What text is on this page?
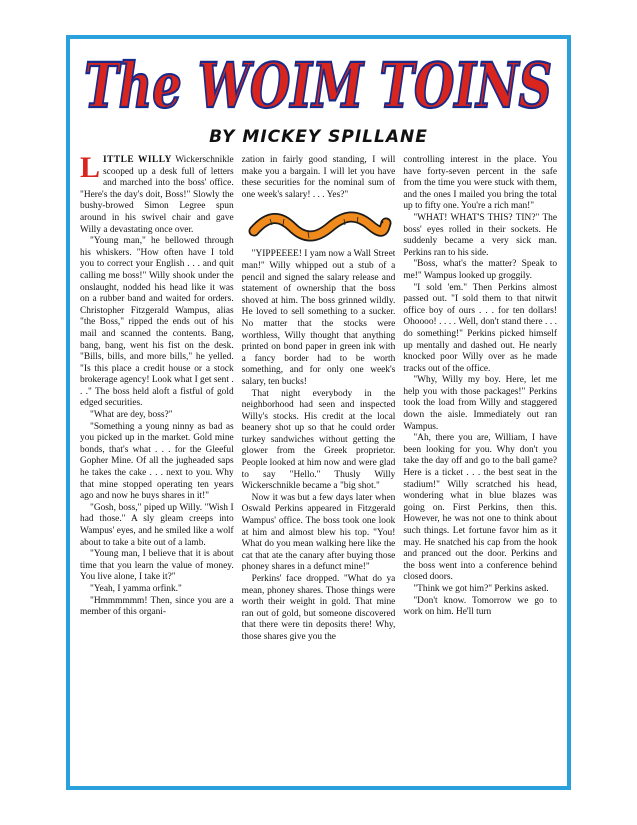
The WOIM TOINS
BY MICKEY SPILLANE

LITTLE WILLY Wickerschnikle scooped up a desk full of letters and marched into the boss' office. "Here's the day's doit, Boss!" Slowly the bushy-browed Simon Legree spun around in his swivel chair and gave Willy a devastating once over.

"Young man," he bellowed through his whiskers. "How often have I told you to correct your English . . . and quit calling me boss!" Willy shook under the onslaught, nodded his head like it was on a rubber band and waited for orders. Christopher Fitzgerald Wampus, alias "the Boss," ripped the ends out of his mail and scanned the contents. Bang, bang, bang, went his fist on the desk. "Bills, bills, and more bills," he yelled. "Is this place a credit house or a stock brokerage agency! Look what I get sent . . ." The boss held aloft a fistful of gold edged securities.

"What are dey, boss?"

"Something a young ninny as bad as you picked up in the market. Gold mine bonds, that's what . . . for the Gleeful Gopher Mine. Of all the jugheaded saps he takes the cake . . . next to you. Why that mine stopped operating ten years ago and now he buys shares in it!"

"Gosh, boss," piped up Willy. "Wish I had those." A sly gleam creeps into Wampus' eyes, and he smiled like a wolf about to take a bite out of a lamb.

"Young man, I believe that it is about time that you learn the value of money. You live alone, I take it?"

"Yeah, I yamma orfink."

"Hmmmmmm! Then, since you are a member of this organi-

zation in fairly good standing, I will make you a bargain. I will let you have these securities for the nominal sum of one week's salary! . . . Yes?"

"YIPPEEEE! I yam now a Wall Street man!" Willy whipped out a stub of a pencil and signed the salary release and statement of ownership that the boss shoved at him. The boss grinned wildly. He loved to sell something to a sucker. No matter that the stocks were worthless, Willy thought that anything printed on bond paper in green ink with a fancy border had to be worth something, and for only one week's salary, ten bucks!

That night everybody in the neighborhood had seen and inspected Willy's stocks. His credit at the local beanery shot up so that he could order turkey sandwiches without getting the glower from the Greek proprietor. People looked at him now and were glad to say "Hello." Thusly Willy Wickerschnikle became a "big shot."

Now it was but a few days later when Oswald Perkins appeared in Fitzgerald Wampus' office. The boss took one look at him and almost blew his top. "You! What do you mean walking here like the cat that ate the canary after buying those phoney shares in a defunct mine!"

Perkins' face dropped. "What do ya mean, phoney shares. Those things were worth their weight in gold. That mine ran out of gold, but someone discovered that there were tin deposits there! Why, those shares give you the

controlling interest in the place. You have forty-seven percent in the safe from the time you were stuck with them, and the ones I mailed you bring the total up to fifty one. You're a rich man!"

"WHAT! WHAT'S THIS? TIN?" The boss' eyes rolled in their sockets. He suddenly became a very sick man. Perkins ran to his side.

"Boss, what's the matter? Speak to me!" Wampus looked up groggily.

"I sold 'em." Then Perkins almost passed out. "I sold them to that nitwit office boy of ours . . . for ten dollars! Ohoooo! . . . . Well, don't stand there . . . do something!" Perkins picked himself up mentally and dashed out. He nearly knocked poor Willy over as he made tracks out of the office.

"Why, Willy my boy. Here, let me help you with those packages!" Perkins took the load from Willy and staggered down the aisle. Immediately out ran Wampus.

"Ah, there you are, William, I have been looking for you. Why don't you take the day off and go to the ball game? Here is a ticket . . . the best seat in the stadium!" Willy scratched his head, wondering what in blue blazes was going on. First Perkins, then this. However, he was not one to think about such things. Let fortune favor him as it may. He snatched his cap from the hook and pranced out the door. Perkins and the boss went into a conference behind closed doors.

"Think we got him?" Perkins asked.

"Don't know. Tomorrow we go to work on him. He'll turn
